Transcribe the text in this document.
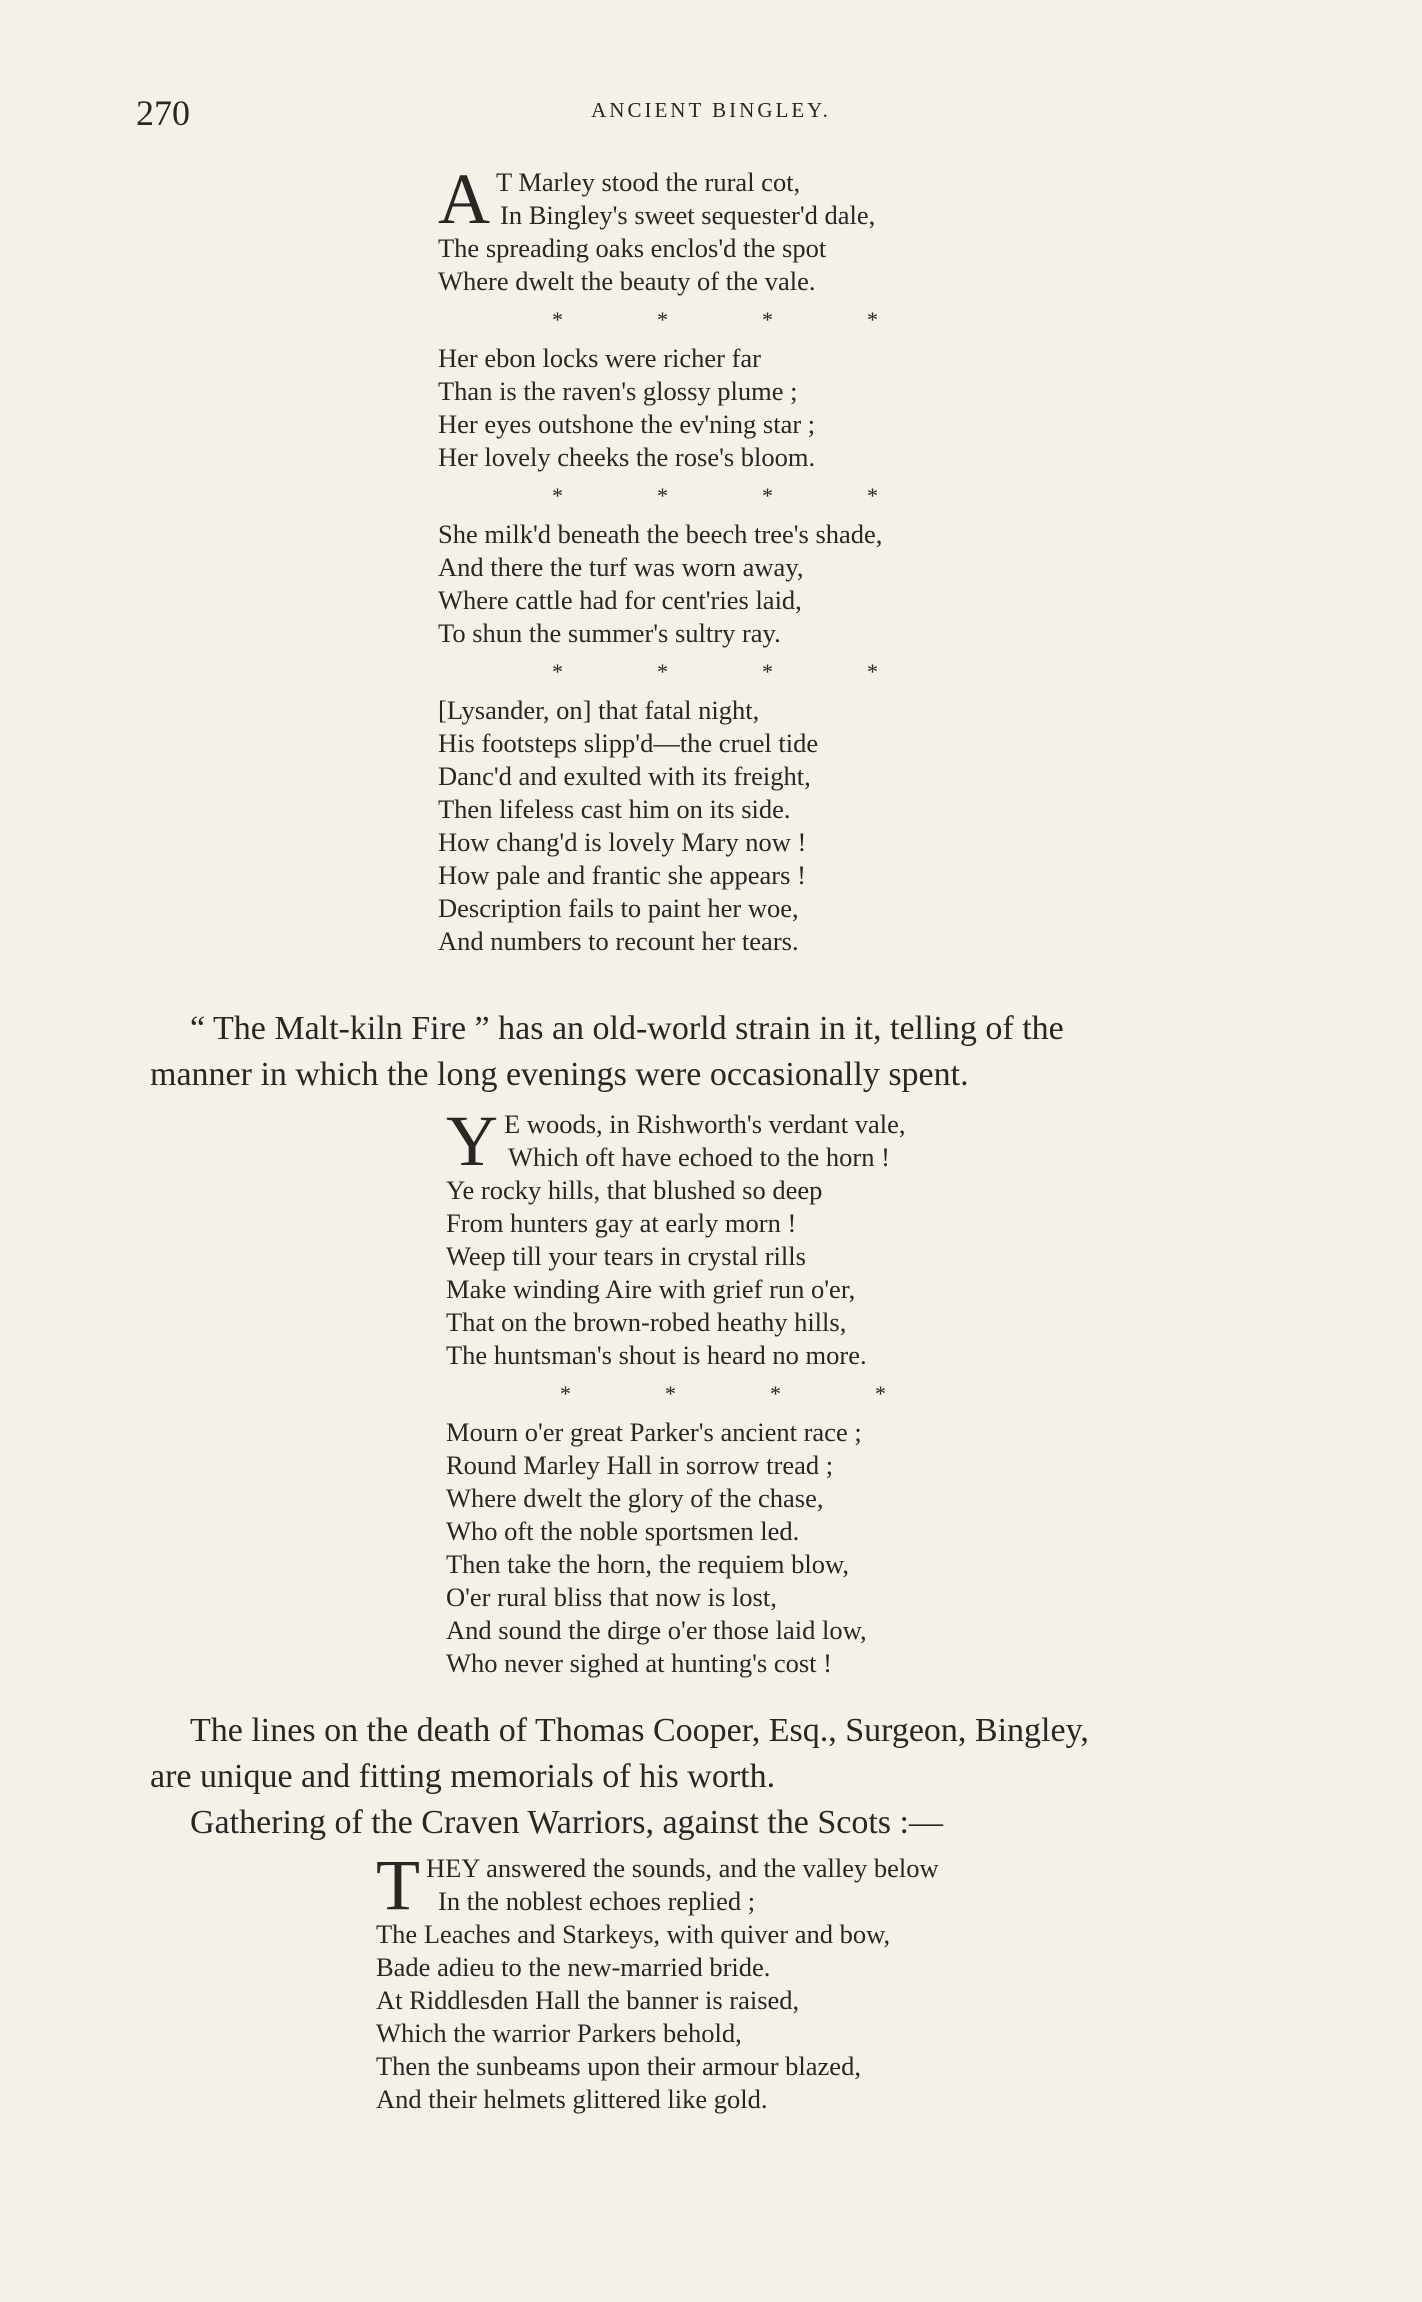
270	ANCIENT BINGLEY.
A T Marley stood the rural cot,
In Bingley's sweet sequester'd dale,
The spreading oaks enclos'd the spot
Where dwelt the beauty of the vale.
*	*	*	*
Her ebon locks were richer far
Than is the raven's glossy plume ;
Her eyes outshone the ev'ning star ;
Her lovely cheeks the rose's bloom.
*	*	*	*
She milk'd beneath the beech tree's shade,
And there the turf was worn away,
Where cattle had for cent'ries laid,
To shun the summer's sultry ray.
*	*	*	*
[Lysander, on] that fatal night,
His footsteps slipp'd—the cruel tide
Danc'd and exulted with its freight,
Then lifeless cast him on its side.
How chang'd is lovely Mary now !
How pale and frantic she appears !
Description fails to paint her woe,
And numbers to recount her tears.
“ The Malt-kiln Fire ” has an old-world strain in it, telling of the
manner in which the long evenings were occasionally spent.
Y E woods, in Rishworth's verdant vale,
Which oft have echoed to the horn !
Ye rocky hills, that blushed so deep
From hunters gay at early morn !
Weep till your tears in crystal rills
Make winding Aire with grief run o'er,
That on the brown-robed heathy hills,
The huntsman's shout is heard no more.
*	*	*	*
Mourn o'er great Parker's ancient race ;
Round Marley Hall in sorrow tread ;
Where dwelt the glory of the chase,
Who oft the noble sportsmen led.
Then take the horn, the requiem blow,
O'er rural bliss that now is lost,
And sound the dirge o'er those laid low,
Who never sighed at hunting's cost !
The lines on the death of Thomas Cooper, Esq., Surgeon, Bingley,
are unique and fitting memorials of his worth.
Gathering of the Craven Warriors, against the Scots :—
T HEY answered the sounds, and the valley below
In the noblest echoes replied ;
The Leaches and Starkeys, with quiver and bow,
Bade adieu to the new-married bride.
At Riddlesden Hall the banner is raised,
Which the warrior Parkers behold,
Then the sunbeams upon their armour blazed,
And their helmets glittered like gold.
